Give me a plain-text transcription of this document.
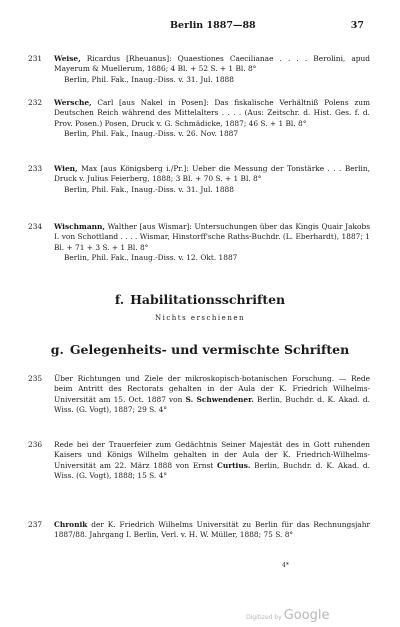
Berlin 1887—88	37
231 Weise, Ricardus [Rheuanus]: Quaestiones Caecilianae . . . . Berolini, apud Mayerum & Muellerum, 1886; 4 Bl. + 52 S. + 1 Bl. 8°
Berlin, Phil. Fak., Inaug.-Diss. v. 31. Jul. 1888
232 Wersche, Carl [aus Nakel in Posen]: Das fiskalische Verhältniß Polens zum Deutschen Reich während des Mittelalters . . . . (Aus: Zeitschr. d. Hist. Ges. f. d. Prov. Posen.) Posen, Druck v. G. Schmädicke, 1887; 46 S. + 1 Bl. 8°
Berlin, Phil. Fak., Inaug.-Diss. v. 26. Nov. 1887
233 Wien, Max [aus Königsberg i./Pr.]: Ueber die Messung der Tonstärke . . . Berlin, Druck v. Julius Feierberg, 1888; 3 Bl. + 70 S. + 1 Bl. 8°
Berlin, Phil. Fak., Inaug.-Diss. v. 31. Jul. 1888
234 Wischmann, Walther [aus Wismar]: Untersuchungen über das Kingis Quair Jakobs I. von Schottland . . . . Wismar, Hinstorff'sche Raths-Buchdr. (L. Eberhardt), 1887; 1 Bl. + 71 + 3 S. + 1 Bl. 8°
Berlin, Phil. Fak., Inaug.-Diss. v. 12. Okt. 1887
f. Habilitationsschriften
Nichts erschienen
g. Gelegenheits- und vermischte Schriften
235 Über Richtungen und Ziele der mikroskopisch-botanischen Forschung. — Rede beim Antritt des Rectorats gehalten in der Aula der K. Friedrich Wilhelms-Universität am 15. Oct. 1887 von S. Schwendener. Berlin, Buchdr. d. K. Akad. d. Wiss. (G. Vogt), 1887; 29 S. 4°
236 Rede bei der Trauerfeier zum Gedächtnis Seiner Majestät des in Gott ruhenden Kaisers und Königs Wilhelm gehalten in der Aula der K. Friedrich-Wilhelms-Universität am 22. März 1888 von Ernst Curtius. Berlin, Buchdr. d. K. Akad. d. Wiss. (G. Vogt), 1888; 15 S. 4°
237 Chronik der K. Friedrich Wilhelms Universität zu Berlin für das Rechnungsjahr 1887/88. Jahrgang I. Berlin, Verl. v. H. W. Müller, 1888; 75 S. 8°
4*
Digitized by Google
